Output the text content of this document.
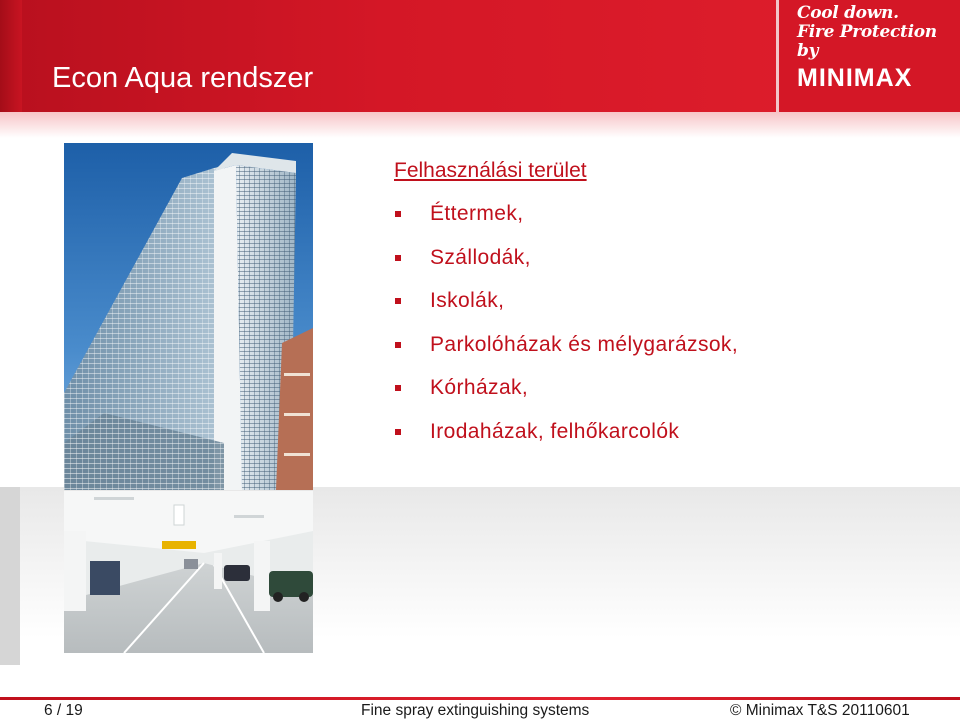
Econ Aqua rendszer
Cool down.
Fire Protection by
MINIMAX
Felhasználási terület
Éttermek,
Szállodák,
Iskolák,
Parkolóházak és mélygarázsok,
Kórházak,
Irodaházak, felhőkarcolók
6 / 19	Fine spray extinguishing systems	© Minimax T&S 20110601
